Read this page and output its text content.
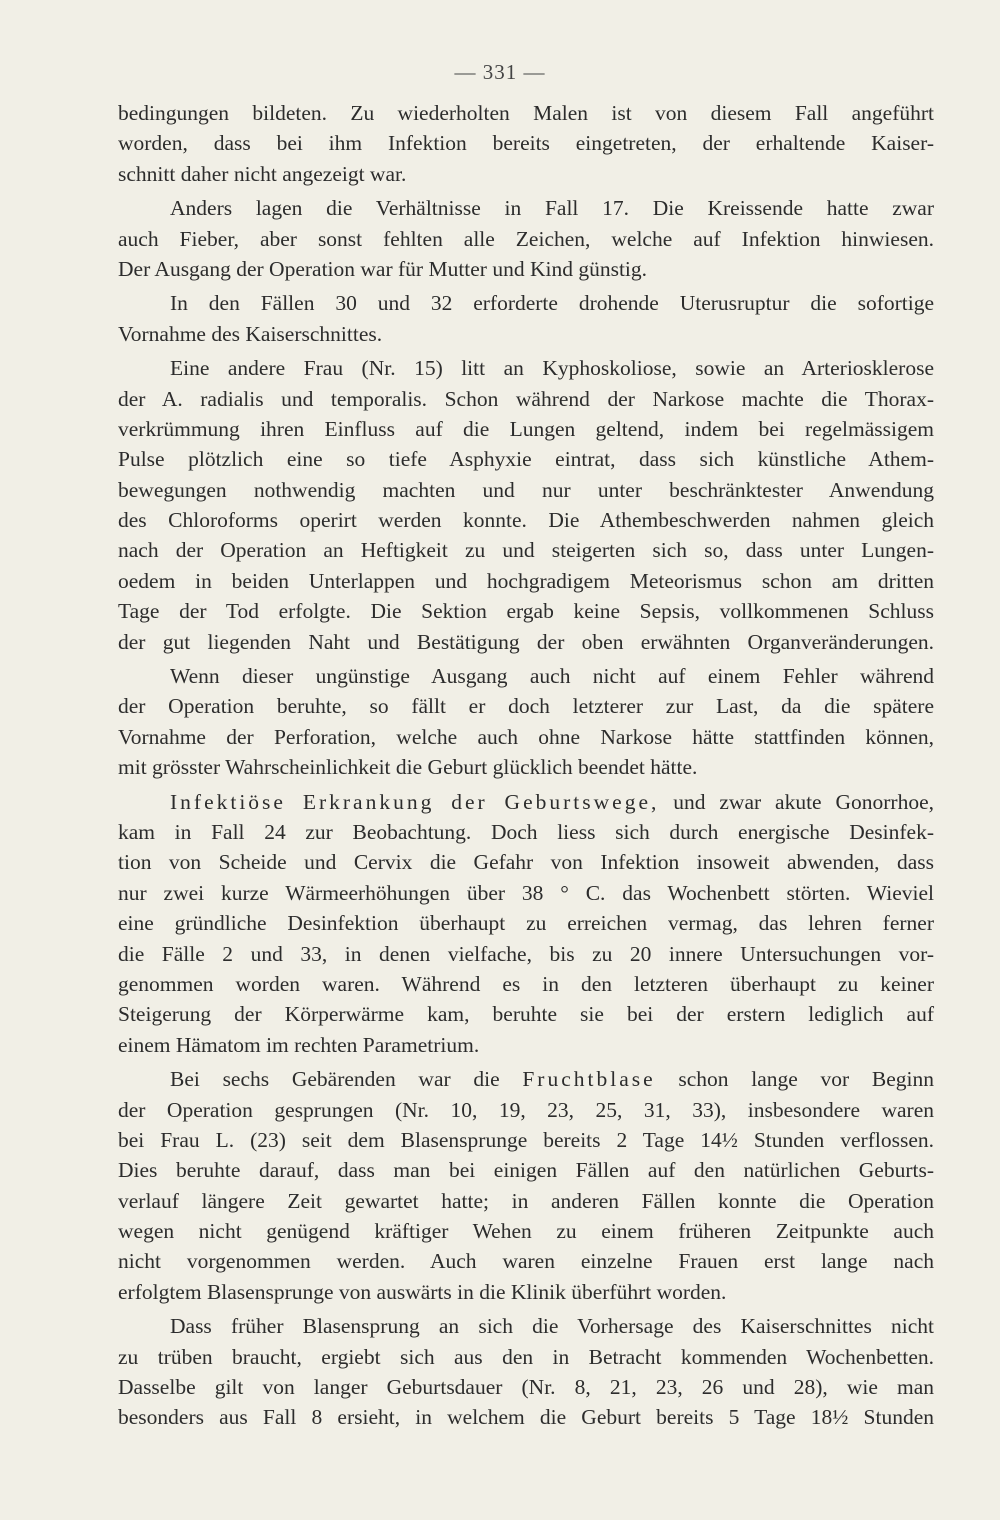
— 331 —
bedingungen bildeten. Zu wiederholten Malen ist von diesem Fall angeführt
worden, dass bei ihm Infektion bereits eingetreten, der erhaltende Kaiser-
schnitt daher nicht angezeigt war.
Anders lagen die Verhältnisse in Fall 17. Die Kreissende hatte zwar
auch Fieber, aber sonst fehlten alle Zeichen, welche auf Infektion hinwiesen.
Der Ausgang der Operation war für Mutter und Kind günstig.
In den Fällen 30 und 32 erforderte drohende Uterusruptur die sofortige
Vornahme des Kaiserschnittes.
Eine andere Frau (Nr. 15) litt an Kyphoskoliose, sowie an Arteriosklerose
der A. radialis und temporalis. Schon während der Narkose machte die Thorax-
verkrümmung ihren Einfluss auf die Lungen geltend, indem bei regelmässigem
Pulse plötzlich eine so tiefe Asphyxie eintrat, dass sich künstliche Athem-
bewegungen nothwendig machten und nur unter beschränktester Anwendung
des Chloroforms operirt werden konnte. Die Athembeschwerden nahmen gleich
nach der Operation an Heftigkeit zu und steigerten sich so, dass unter Lungen-
oedem in beiden Unterlappen und hochgradigem Meteorismus schon am dritten
Tage der Tod erfolgte. Die Sektion ergab keine Sepsis, vollkommenen Schluss
der gut liegenden Naht und Bestätigung der oben erwähnten Organveränderungen.
Wenn dieser ungünstige Ausgang auch nicht auf einem Fehler während
der Operation beruhte, so fällt er doch letzterer zur Last, da die spätere
Vornahme der Perforation, welche auch ohne Narkose hätte stattfinden können,
mit grösster Wahrscheinlichkeit die Geburt glücklich beendet hätte.
Infektiöse Erkrankung der Geburtswege, und zwar akute Gonorrhoe,
kam in Fall 24 zur Beobachtung. Doch liess sich durch energische Desinfek-
tion von Scheide und Cervix die Gefahr von Infektion insoweit abwenden, dass
nur zwei kurze Wärmeerhöhungen über 38 ° C. das Wochenbett störten. Wieviel
eine gründliche Desinfektion überhaupt zu erreichen vermag, das lehren ferner
die Fälle 2 und 33, in denen vielfache, bis zu 20 innere Untersuchungen vor-
genommen worden waren. Während es in den letzteren überhaupt zu keiner
Steigerung der Körperwärme kam, beruhte sie bei der erstern lediglich auf
einem Hämatom im rechten Parametrium.
Bei sechs Gebärenden war die Fruchtblase schon lange vor Beginn
der Operation gesprungen (Nr. 10, 19, 23, 25, 31, 33), insbesondere waren
bei Frau L. (23) seit dem Blasensprunge bereits 2 Tage 14½ Stunden verflossen.
Dies beruhte darauf, dass man bei einigen Fällen auf den natürlichen Geburts-
verlauf längere Zeit gewartet hatte; in anderen Fällen konnte die Operation
wegen nicht genügend kräftiger Wehen zu einem früheren Zeitpunkte auch
nicht vorgenommen werden. Auch waren einzelne Frauen erst lange nach
erfolgtem Blasensprunge von auswärts in die Klinik überführt worden.
Dass früher Blasensprung an sich die Vorhersage des Kaiserschnittes nicht
zu trüben braucht, ergiebt sich aus den in Betracht kommenden Wochenbetten.
Dasselbe gilt von langer Geburtsdauer (Nr. 8, 21, 23, 26 und 28), wie man
besonders aus Fall 8 ersieht, in welchem die Geburt bereits 5 Tage 18½ Stunden
